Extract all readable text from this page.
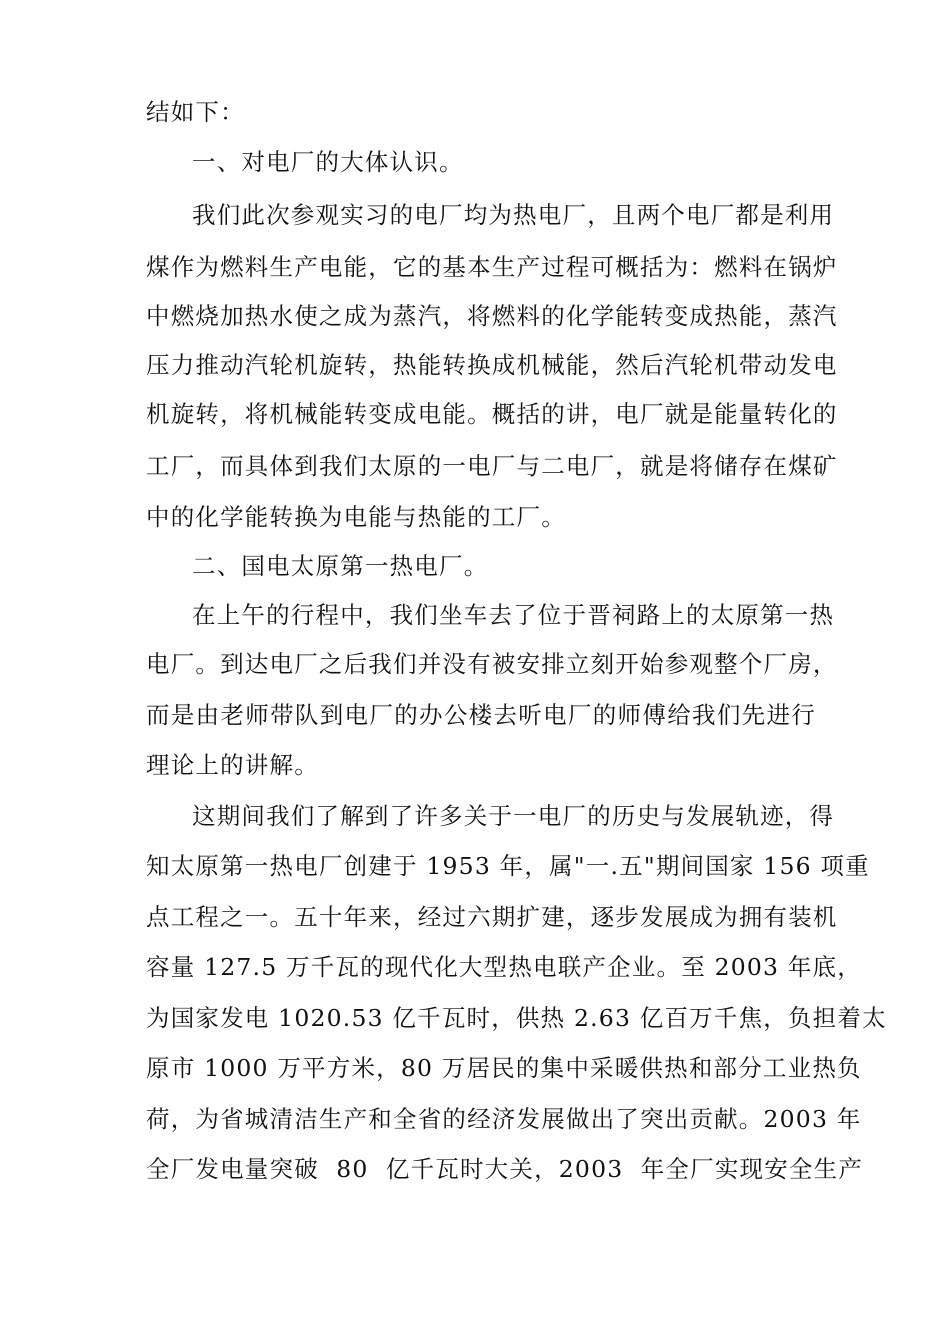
结如下：
一、对电厂的大体认识。
我们此次参观实习的电厂均为热电厂，且两个电厂都是利用
煤作为燃料生产电能，它的基本生产过程可概括为：燃料在锅炉
中燃烧加热水使之成为蒸汽，将燃料的化学能转变成热能，蒸汽
压力推动汽轮机旋转，热能转换成机械能，然后汽轮机带动发电
机旋转，将机械能转变成电能。概括的讲，电厂就是能量转化的
工厂，而具体到我们太原的一电厂与二电厂，就是将储存在煤矿
中的化学能转换为电能与热能的工厂。
二、国电太原第一热电厂。
在上午的行程中，我们坐车去了位于晋祠路上的太原第一热
电厂。到达电厂之后我们并没有被安排立刻开始参观整个厂房，
而是由老师带队到电厂的办公楼去听电厂的师傅给我们先进行
理论上的讲解。
这期间我们了解到了许多关于一电厂的历史与发展轨迹，得
知太原第一热电厂创建于 1953 年，属"一.五"期间国家 156 项重
点工程之一。五十年来，经过六期扩建，逐步发展成为拥有装机
容量 127.5 万千瓦的现代化大型热电联产企业。至 2003 年底，
为国家发电 1020.53 亿千瓦时，供热 2.63 亿百万千焦，负担着太
原市 1000 万平方米，80 万居民的集中采暖供热和部分工业热负
荷，为省城清洁生产和全省的经济发展做出了突出贡献。2003 年
全厂发电量突破  80  亿千瓦时大关，2003  年全厂实现安全生产
